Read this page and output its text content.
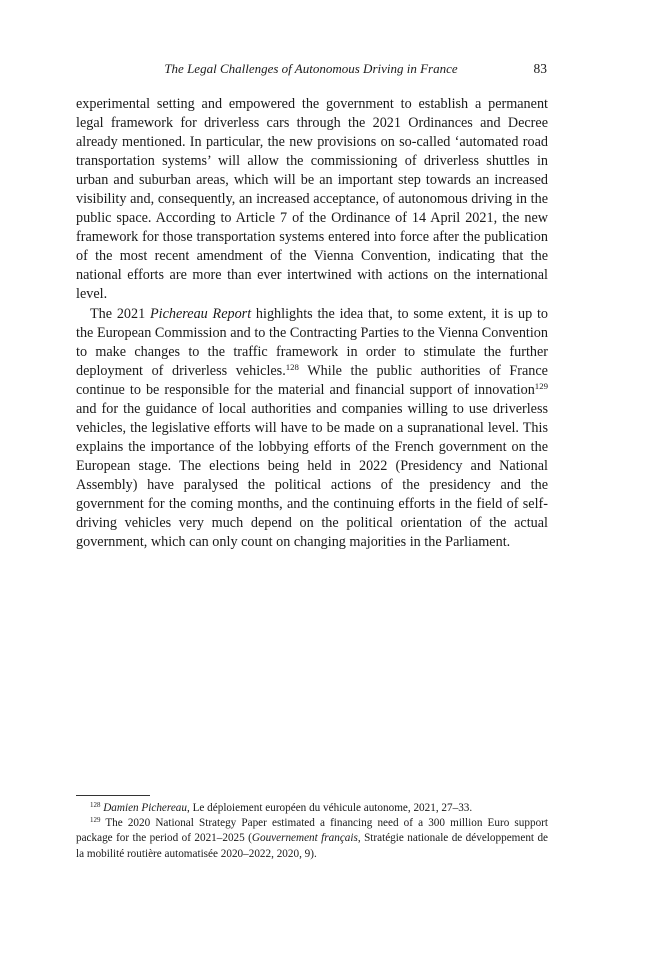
The Legal Challenges of Autonomous Driving in France	83

experimental setting and empowered the government to establish a permanent legal framework for driverless cars through the 2021 Ordinances and Decree already mentioned. In particular, the new provisions on so-called ‘automated road transportation systems’ will allow the commissioning of driverless shuttles in urban and suburban areas, which will be an important step towards an increased visibility and, consequently, an increased acceptance, of autonomous driving in the public space. According to Article 7 of the Ordinance of 14 April 2021, the new framework for those transportation systems entered into force after the publication of the most recent amendment of the Vienna Convention, indicating that the national efforts are more than ever intertwined with actions on the international level.

The 2021 Pichereau Report highlights the idea that, to some extent, it is up to the European Commission and to the Contracting Parties to the Vienna Convention to make changes to the traffic framework in order to stimulate the further deployment of driverless vehicles.$^{128}$ While the public authorities of France continue to be responsible for the material and financial support of innovation$^{129}$ and for the guidance of local authorities and companies willing to use driverless vehicles, the legislative efforts will have to be made on a supranational level. This explains the importance of the lobbying efforts of the French government on the European stage. The elections being held in 2022 (Presidency and National Assembly) have paralysed the political actions of the presidency and the government for the coming months, and the continuing efforts in the field of self-driving vehicles very much depend on the political orientation of the actual government, which can only count on changing majorities in the Parliament.

$^{128}$ Damien Pichereau, Le déploiement européen du véhicule autonome, 2021, 27–33.

$^{129}$ The 2020 National Strategy Paper estimated a financing need of a 300 million Euro support package for the period of 2021–2025 (Gouvernement français, Stratégie nationale de développement de la mobilité routière automatisée 2020–2022, 2020, 9).
